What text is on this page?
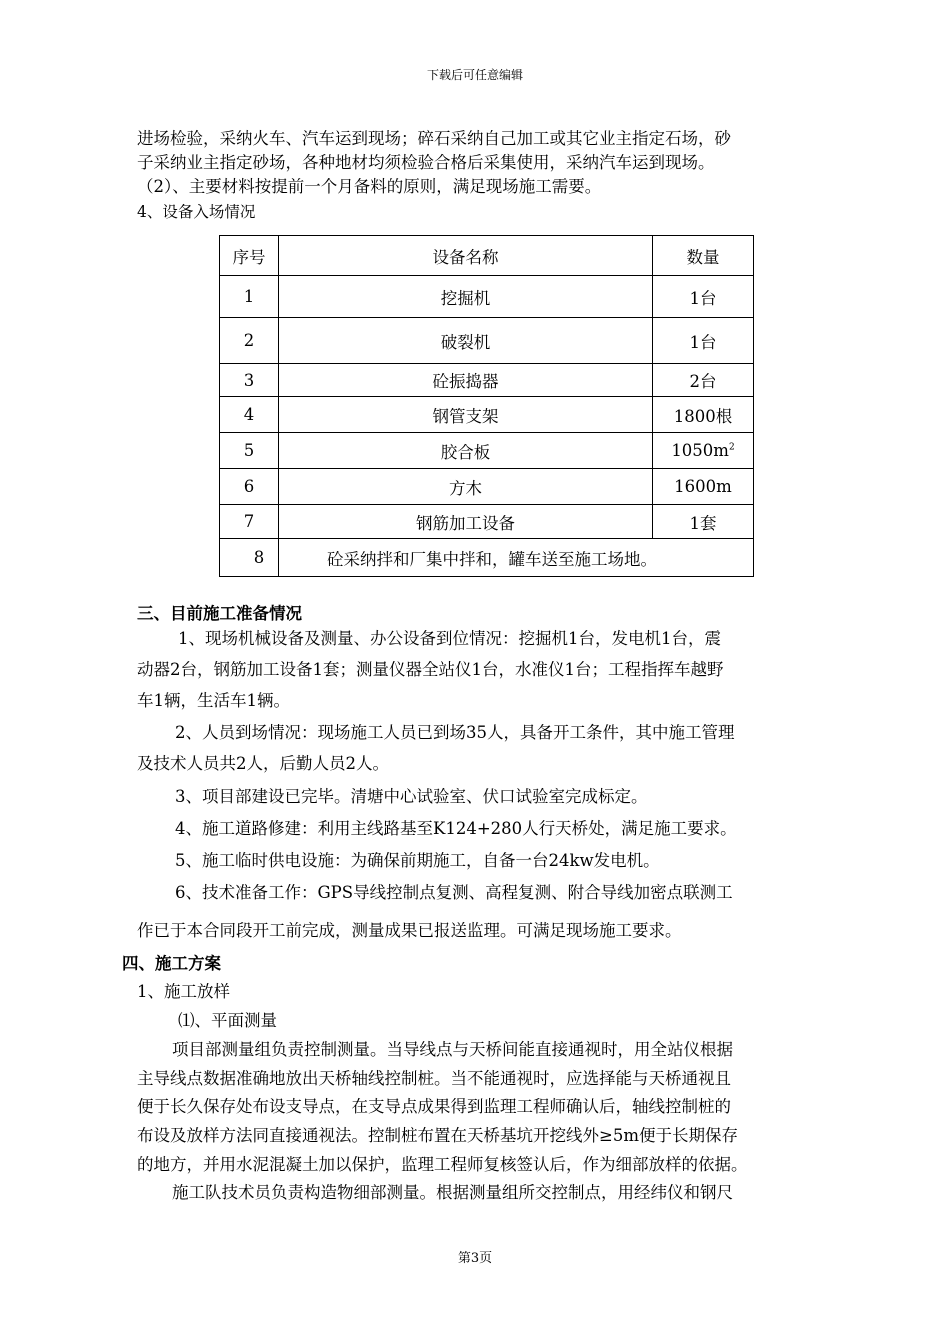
下载后可任意编辑
进场检验，采纳火车、汽车运到现场；碎石采纳自己加工或其它业主指定石场，砂
子采纳业主指定砂场，各种地材均须检验合格后采集使用，采纳汽车运到现场。
（2）、主要材料按提前一个月备料的原则，满足现场施工需要。
4、设备入场情况
序号	设备名称	数量
1	挖掘机	1台
2	破裂机	1台
3	砼振捣器	2台
4	钢管支架	1800根
5	胶合板	$1050m^2$
6	方木	1600m
7	钢筋加工设备	1套
8	砼采纳拌和厂集中拌和，罐车送至施工场地。	
三、目前施工准备情况
1、现场机械设备及测量、办公设备到位情况：挖掘机1台，发电机1台，震
动器2台，钢筋加工设备1套；测量仪器全站仪1台，水准仪1台；工程指挥车越野
车1辆，生活车1辆。
2、人员到场情况：现场施工人员已到场35人，具备开工条件，其中施工管理
及技术人员共2人，后勤人员2人。
3、项目部建设已完毕。清塘中心试验室、伏口试验室完成标定。
4、施工道路修建：利用主线路基至K124+280人行天桥处，满足施工要求。
5、施工临时供电设施：为确保前期施工，自备一台24kw发电机。
6、技术准备工作：GPS导线控制点复测、高程复测、附合导线加密点联测工
作已于本合同段开工前完成，测量成果已报送监理。可满足现场施工要求。
四、施工方案
1、施工放样
⑴、平面测量
项目部测量组负责控制测量。当导线点与天桥间能直接通视时，用全站仪根据
主导线点数据准确地放出天桥轴线控制桩。当不能通视时，应选择能与天桥通视且
便于长久保存处布设支导点，在支导点成果得到监理工程师确认后，轴线控制桩的
布设及放样方法同直接通视法。控制桩布置在天桥基坑开挖线外≥5m便于长期保存
的地方，并用水泥混凝土加以保护，监理工程师复核签认后，作为细部放样的依据。
施工队技术员负责构造物细部测量。根据测量组所交控制点，用经纬仪和钢尺
第3页
